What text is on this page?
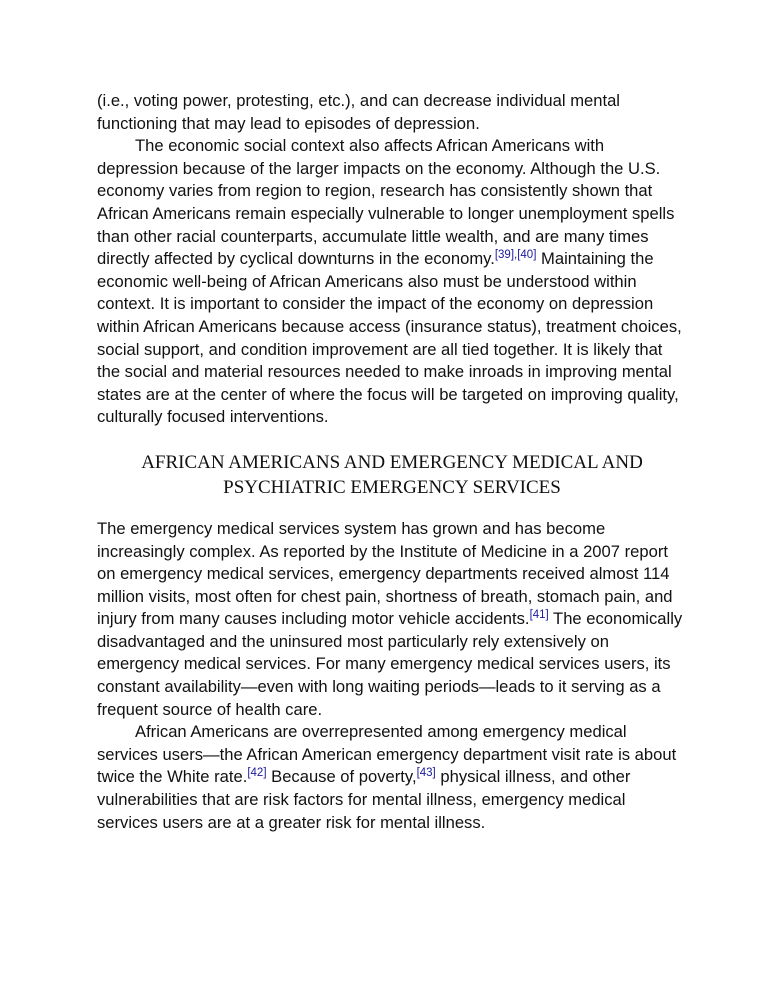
(i.e., voting power, protesting, etc.), and can decrease individual mental functioning that may lead to episodes of depression.

The economic social context also affects African Americans with depression because of the larger impacts on the economy. Although the U.S. economy varies from region to region, research has consistently shown that African Americans remain especially vulnerable to longer unemployment spells than other racial counterparts, accumulate little wealth, and are many times directly affected by cyclical downturns in the economy.[39],[40] Maintaining the economic well-being of African Americans also must be understood within context. It is important to consider the impact of the economy on depression within African Americans because access (insurance status), treatment choices, social support, and condition improvement are all tied together. It is likely that the social and material resources needed to make inroads in improving mental states are at the center of where the focus will be targeted on improving quality, culturally focused interventions.

AFRICAN AMERICANS AND EMERGENCY MEDICAL AND
PSYCHIATRIC EMERGENCY SERVICES

The emergency medical services system has grown and has become increasingly complex. As reported by the Institute of Medicine in a 2007 report on emergency medical services, emergency departments received almost 114 million visits, most often for chest pain, shortness of breath, stomach pain, and injury from many causes including motor vehicle accidents.[41] The economically disadvantaged and the uninsured most particularly rely extensively on emergency medical services. For many emergency medical services users, its constant availability—even with long waiting periods—leads to it serving as a frequent source of health care.

African Americans are overrepresented among emergency medical services users—the African American emergency department visit rate is about twice the White rate.[42] Because of poverty,[43] physical illness, and other vulnerabilities that are risk factors for mental illness, emergency medical services users are at a greater risk for mental illness.
